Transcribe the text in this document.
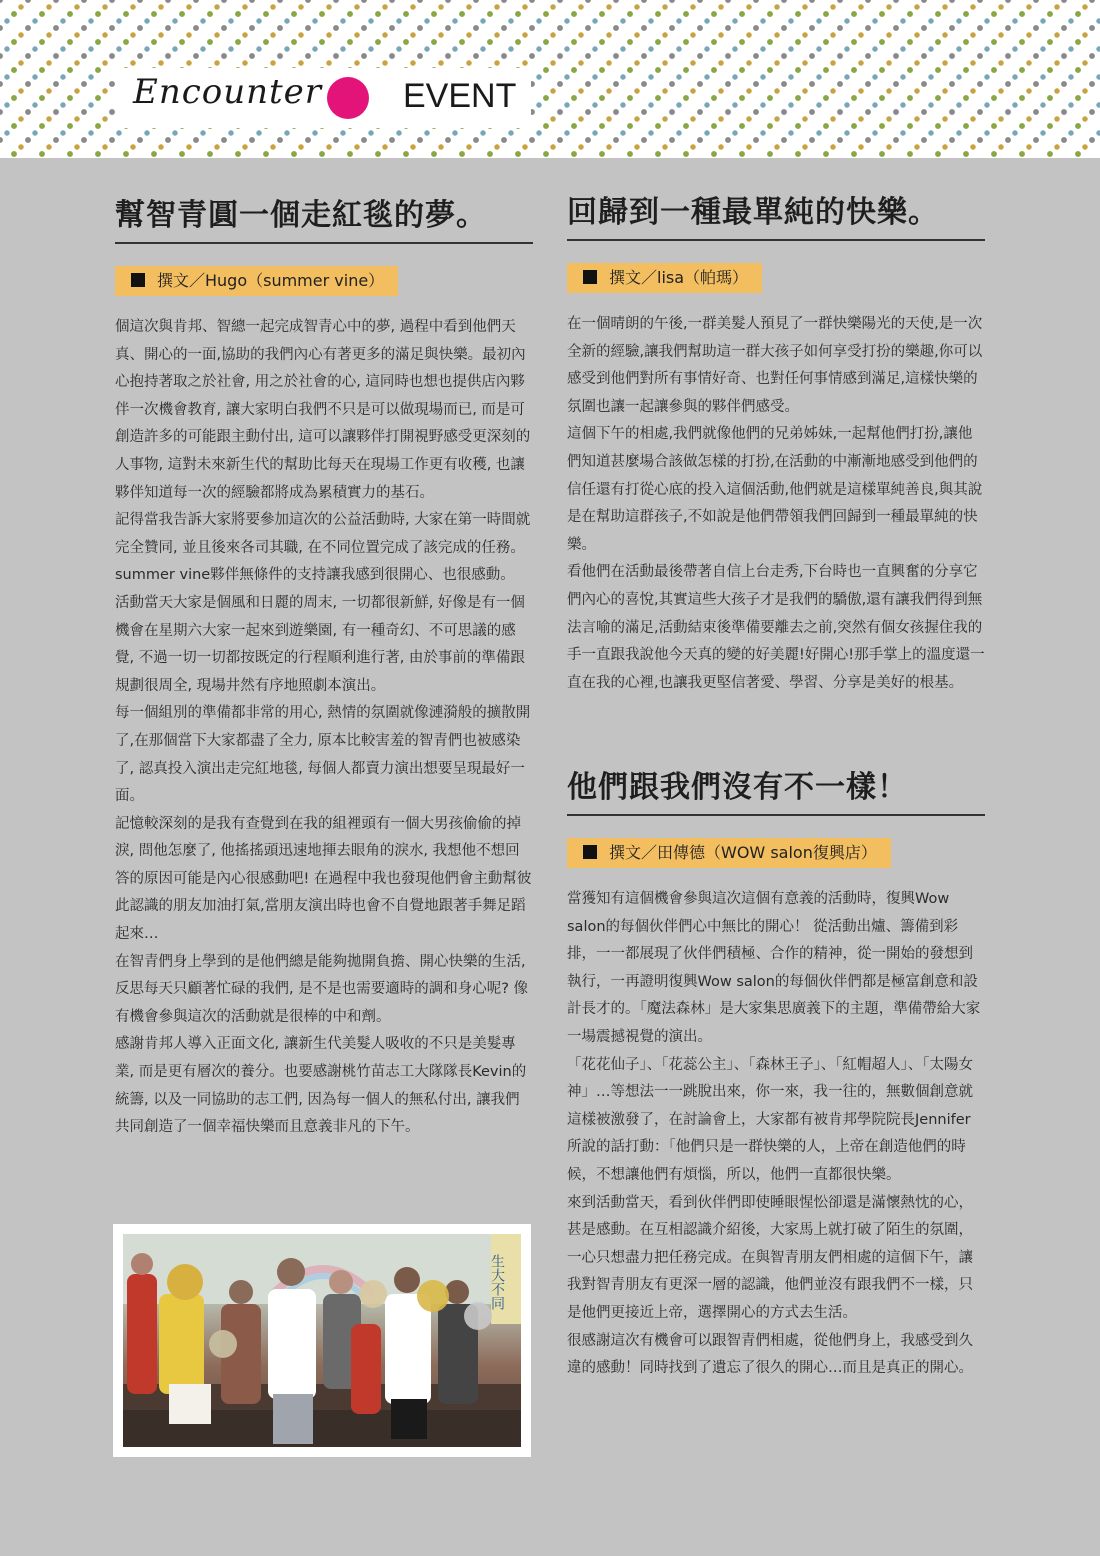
Encounter EVENT
幫智青圓一個走紅毯的夢。
撰文／Hugo（summer vine）

個這次與肯邦、智總一起完成智青心中的夢, 過程中看到他們天真、開心的一面,協助的我們內心有著更多的滿足與快樂。最初內心抱持著取之於社會, 用之於社會的心, 這同時也想也提供店內夥伴一次機會教育, 讓大家明白我們不只是可以做現場而已, 而是可創造許多的可能跟主動付出, 這可以讓夥伴打開視野感受更深刻的人事物, 這對未來新生代的幫助比每天在現場工作更有收穫, 也讓夥伴知道每一次的經驗都將成為累積實力的基石。

記得當我告訴大家將要參加這次的公益活動時, 大家在第一時間就完全贊同, 並且後來各司其職, 在不同位置完成了該完成的任務。summer vine夥伴無條件的支持讓我感到很開心、也很感動。

活動當天大家是個風和日麗的周末, 一切都很新鮮, 好像是有一個機會在星期六大家一起來到遊樂園, 有一種奇幻、不可思議的感覺, 不過一切一切都按既定的行程順利進行著, 由於事前的準備跟規劃很周全, 現場井然有序地照劇本演出。

每一個組別的準備都非常的用心, 熱情的氛圍就像漣漪般的擴散開了,在那個當下大家都盡了全力, 原本比較害羞的智青們也被感染了, 認真投入演出走完紅地毯, 每個人都賣力演出想要呈現最好一面。

記憶較深刻的是我有查覺到在我的組裡頭有一個大男孩偷偷的掉淚, 問他怎麼了, 他搖搖頭迅速地揮去眼角的淚水, 我想他不想回答的原因可能是內心很感動吧! 在過程中我也發現他們會主動幫彼此認識的朋友加油打氣,當朋友演出時也會不自覺地跟著手舞足蹈起來…

在智青們身上學到的是他們總是能夠拋開負擔、開心快樂的生活,反思每天只顧著忙碌的我們, 是不是也需要適時的調和身心呢? 像有機會參與這次的活動就是很棒的中和劑。

感謝肯邦人導入正面文化, 讓新生代美髮人吸收的不只是美髮專業, 而是更有層次的養分。也要感謝桃竹苗志工大隊隊長Kevin的統籌, 以及一同協助的志工們, 因為每一個人的無私付出, 讓我們共同創造了一個幸福快樂而且意義非凡的下午。

回歸到一種最單純的快樂。
撰文／lisa（帕瑪）

在一個晴朗的午後,一群美髮人預見了一群快樂陽光的天使,是一次全新的經驗,讓我們幫助這一群大孩子如何享受打扮的樂趣,你可以感受到他們對所有事情好奇、也對任何事情感到滿足,這樣快樂的氛圍也讓一起讓參與的夥伴們感受。

這個下午的相處,我們就像他們的兄弟姊妹,一起幫他們打扮,讓他們知道甚麼場合該做怎樣的打扮,在活動的中漸漸地感受到他們的信任還有打從心底的投入這個活動,他們就是這樣單純善良,與其說是在幫助這群孩子,不如說是他們帶領我們回歸到一種最單純的快樂。

看他們在活動最後帶著自信上台走秀,下台時也一直興奮的分享它們內心的喜悅,其實這些大孩子才是我們的驕傲,還有讓我們得到無法言喻的滿足,活動結束後準備要離去之前,突然有個女孩握住我的手一直跟我說他今天真的變的好美麗!好開心!那手掌上的溫度還一直在我的心裡,也讓我更堅信著愛、學習、分享是美好的根基。

他們跟我們沒有不一樣！
撰文／田傳德（WOW salon復興店）

當獲知有這個機會參與這次這個有意義的活動時，復興Wow salon的每個伙伴們心中無比的開心！ 從活動出爐、籌備到彩排，一一都展現了伙伴們積極、合作的精神，從一開始的發想到執行，一再證明復興Wow salon的每個伙伴們都是極富創意和設計長才的。「魔法森林」是大家集思廣義下的主題，準備帶給大家一場震撼視覺的演出。

「花花仙子」、「花蕊公主」、「森林王子」、「紅帽超人」、「太陽女神」…等想法一一跳脫出來，你一來，我一往的，無數個創意就這樣被激發了，在討論會上，大家都有被肯邦學院院長Jennifer所說的話打動：「他們只是一群快樂的人，上帝在創造他們的時候，不想讓他們有煩惱，所以，他們一直都很快樂。

來到活動當天，看到伙伴們即使睡眼惺忪卻還是滿懷熱忱的心，甚是感動。在互相認識介紹後，大家馬上就打破了陌生的氛圍，一心只想盡力把任務完成。在與智青朋友們相處的這個下午，讓我對智青朋友有更深一層的認識，他們並沒有跟我們不一樣，只是他們更接近上帝，選擇開心的方式去生活。

很感謝這次有機會可以跟智青們相處，從他們身上，我感受到久違的感動！同時找到了遺忘了很久的開心…而且是真正的開心。

生大不同
